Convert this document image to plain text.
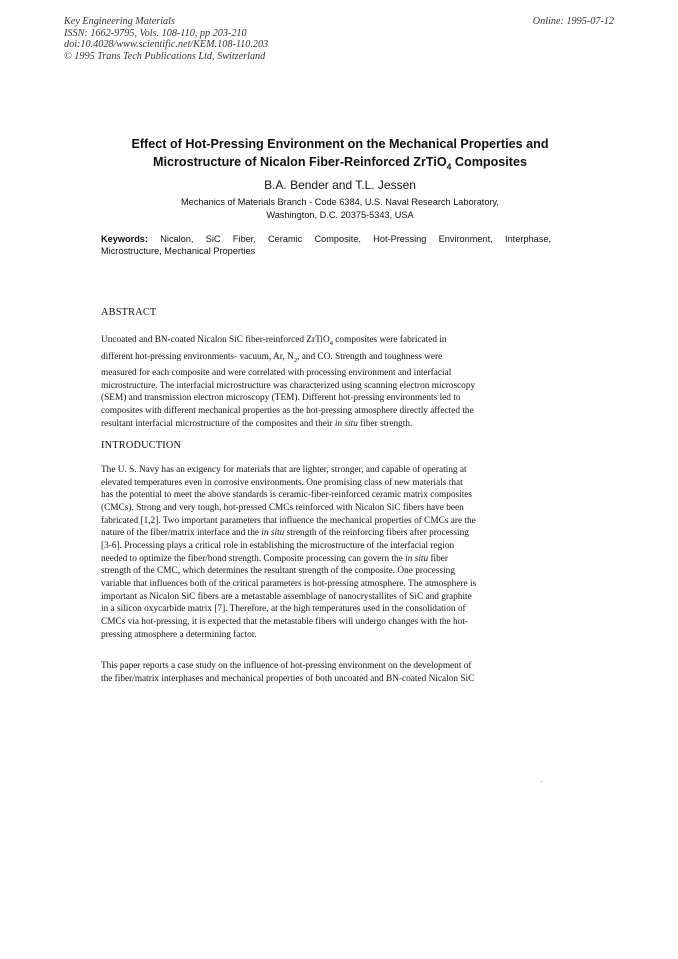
Key Engineering Materials
ISSN: 1662-9795, Vols. 108-110, pp 203-210
doi:10.4028/www.scientific.net/KEM.108-110.203
© 1995 Trans Tech Publications Ltd, Switzerland
Online: 1995-07-12
Effect of Hot-Pressing Environment on the Mechanical Properties and
Microstructure of Nicalon Fiber-Reinforced ZrTiO$_4$ Composites
B.A. Bender and T.L. Jessen
Mechanics of Materials Branch - Code 6384, U.S. Naval Research Laboratory,
Washington, D.C. 20375-5343, USA
Keywords: Nicalon, SiC Fiber, Ceramic Composite, Hot-Pressing Environment, Interphase,
Microstructure, Mechanical Properties
ABSTRACT
Uncoated and BN-coated Nicalon SiC fiber-reinforced ZrTiO$_4$ composites were fabricated in
different hot-pressing environments- vacuum, Ar, $N_2$, and CO. Strength and toughness were
measured for each composite and were correlated with processing environment and interfacial
microstructure. The interfacial microstructure was characterized using scanning electron microscopy
(SEM) and transmission electron microscopy (TEM). Different hot-pressing environments led to
composites with different mechanical properties as the hot-pressing atmosphere directly affected the
resultant interfacial microstructure of the composites and their in situ fiber strength.
INTRODUCTION
The U. S. Navy has an exigency for materials that are lighter, stronger, and capable of operating at
elevated temperatures even in corrosive environments. One promising class of new materials that
has the potential to meet the above standards is ceramic-fiber-reinforced ceramic matrix composites
(CMCs). Strong and very tough, hot-pressed CMCs reinforced with Nicalon SiC fibers have been
fabricated [1,2]. Two important parameters that influence the mechanical properties of CMCs are the
nature of the fiber/matrix interface and the in situ strength of the reinforcing fibers after processing
[3-6]. Processing plays a critical role in establishing the microstructure of the interfacial region
needed to optimize the fiber/bond strength. Composite processing can govern the in situ fiber
strength of the CMC, which determines the resultant strength of the composite. One processing
variable that influences both of the critical parameters is hot-pressing atmosphere. The atmosphere is
important as Nicalon SiC fibers are a metastable assemblage of nanocrystallites of SiC and graphite
in a silicon oxycarbide matrix [7]. Therefore, at the high temperatures used in the consolidation of
CMCs via hot-pressing, it is expected that the metastable fibers will undergo changes with the hot-
pressing atmosphere a determining factor.
This paper reports a case study on the influence of hot-pressing environment on the development of
the fiber/matrix interphases and mechanical properties of both uncoated and BN-coated Nicalon SiC
